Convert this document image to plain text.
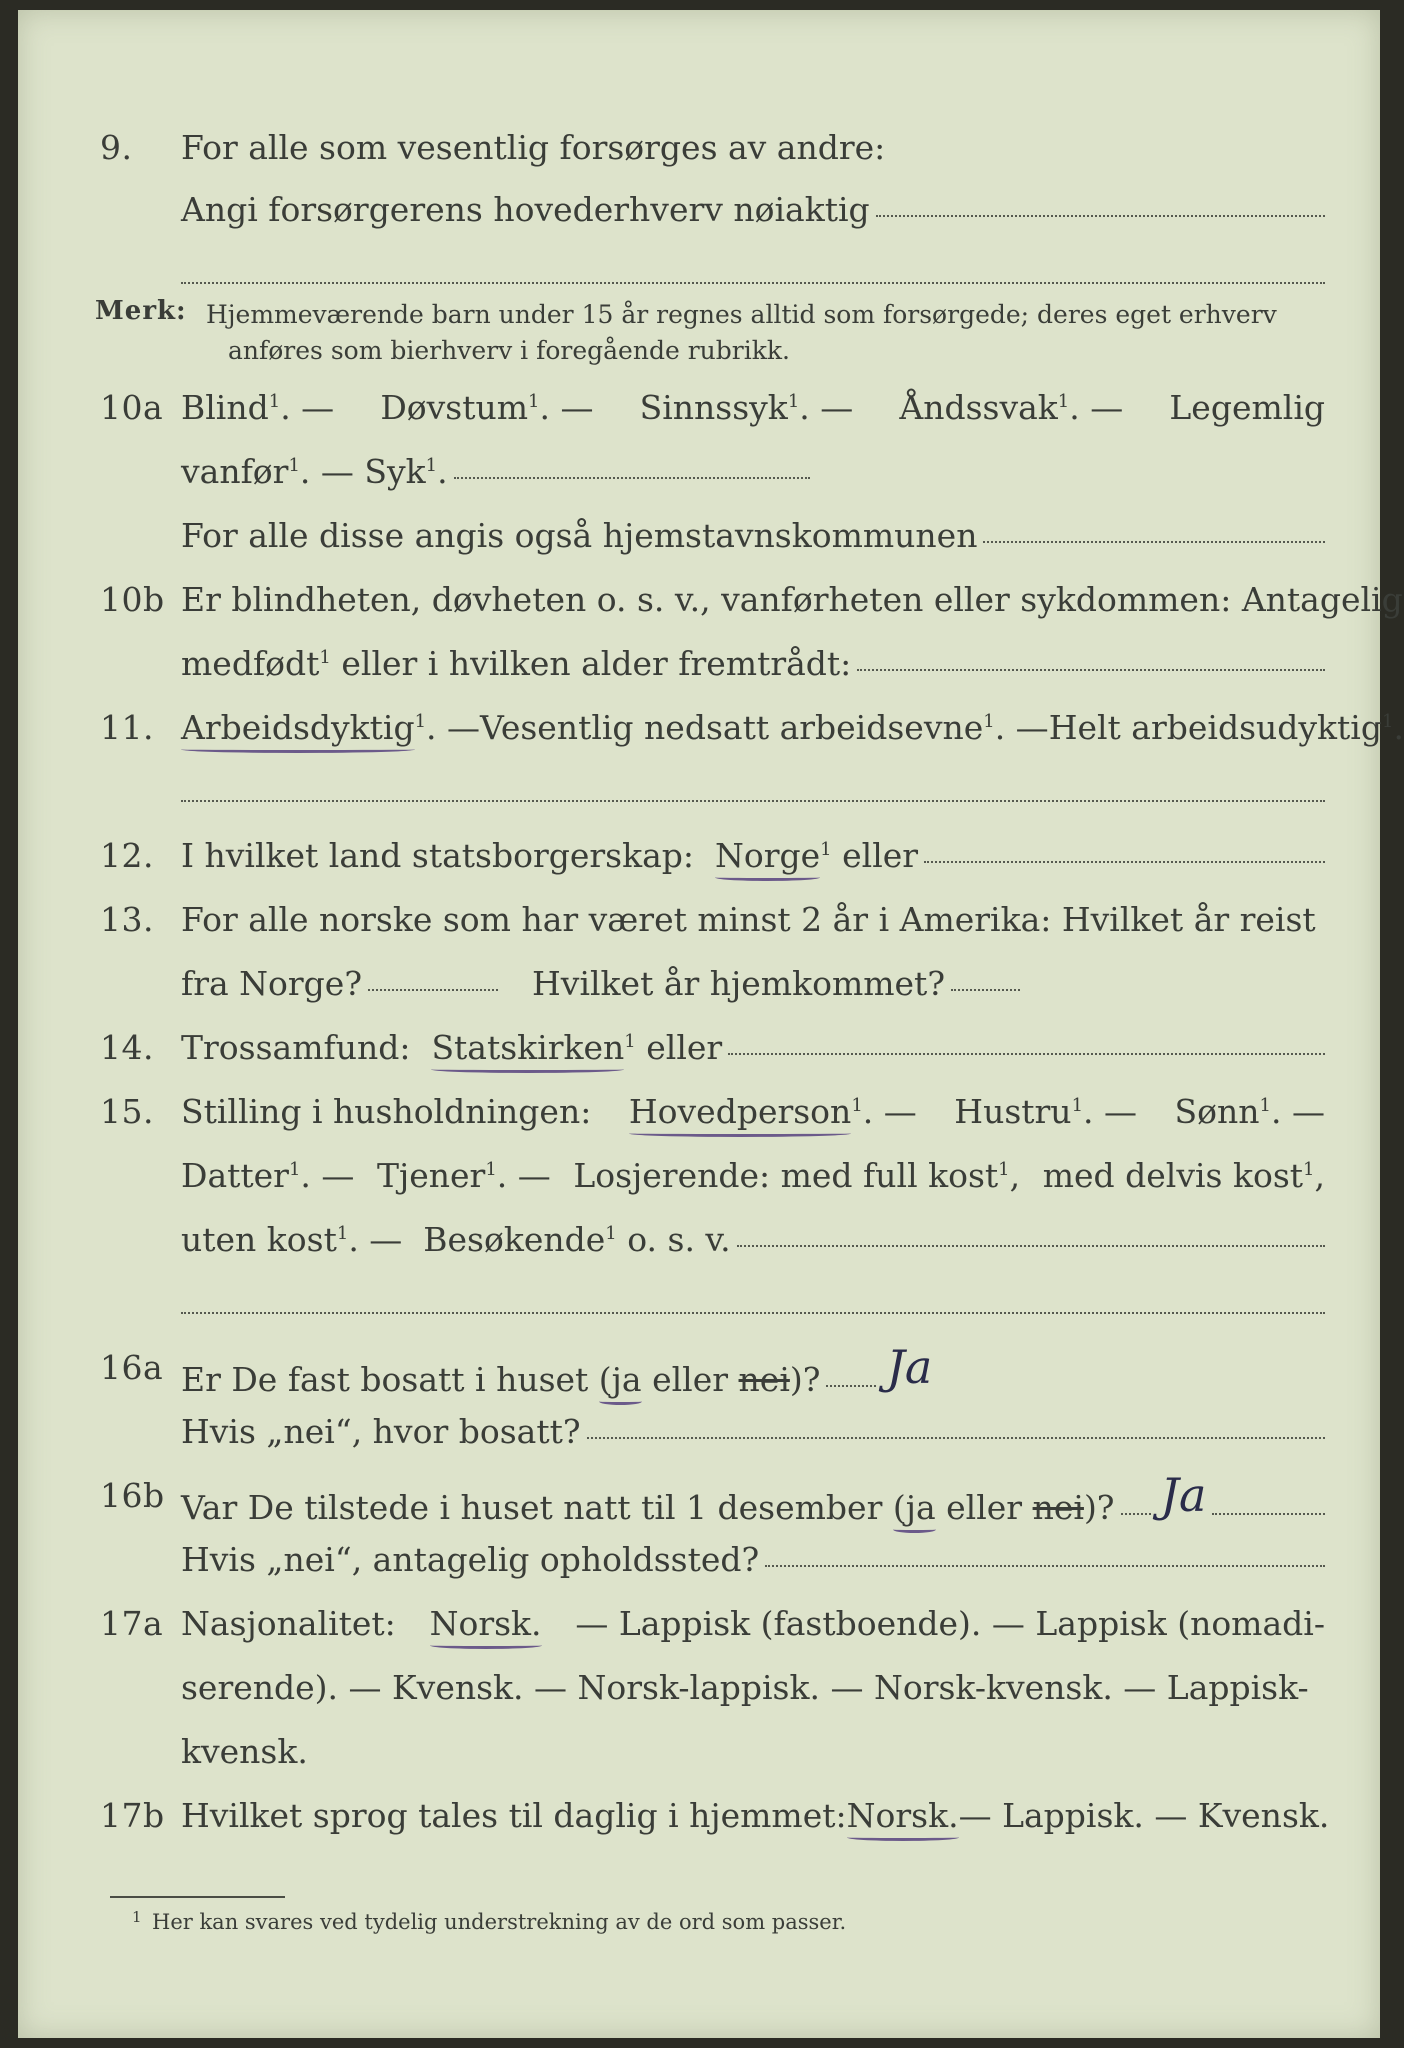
9.	For alle som vesentlig forsørges av andre:
Angi forsørgerens hovederhverv nøiaktig
Merk: Hjemmeværende barn under 15 år regnes alltid som forsørgede; deres eget erhverv
anføres som bierhverv i foregående rubrikk.
10a Blind$^1$. — Døvstum$^1$. — Sinnssyk$^1$. — Åndssvak$^1$. — Legemlig
vanfør$^1$. — Syk$^1$.
For alle disse angis også hjemstavnskommunen
10b Er blindheten, døvheten o. s. v., vanførheten eller sykdommen: Antagelig
medfødt$^1$ eller i hvilken alder fremtrådt:
11. Arbeidsdyktig$^1$. — Vesentlig nedsatt arbeidsevne$^1$. — Helt arbeidsudyktig$^1$.
12. I hvilket land statsborgerskap: Norge$^1$ eller
13. For alle norske som har været minst 2 år i Amerika: Hvilket år reist
fra Norge?	Hvilket år hjemkommet?
14. Trossamfund: Statskirken$^1$ eller
15. Stilling i husholdningen: Hovedperson$^1$. — Hustru$^1$. — Sønn$^1$. —
Datter$^1$. — Tjener$^1$. — Losjerende: med full kost$^1$, med delvis kost$^1$,
uten kost$^1$. —  Besøkende$^1$ o. s. v.
16a Er De fast bosatt i huset (ja eller nei)? Ja
Hvis „nei“, hvor bosatt?
16b Var De tilstede i huset natt til 1 desember (ja eller nei)? Ja
Hvis „nei“, antagelig opholdssted?
17a Nasjonalitet: Norsk. — Lappisk (fastboende). — Lappisk (nomadi-
serende). — Kvensk. — Norsk-lappisk. — Norsk-kvensk. — Lappisk-
kvensk.
17b Hvilket sprog tales til daglig i hjemmet: Norsk. — Lappisk. — Kvensk.
1 Her kan svares ved tydelig understrekning av de ord som passer.
